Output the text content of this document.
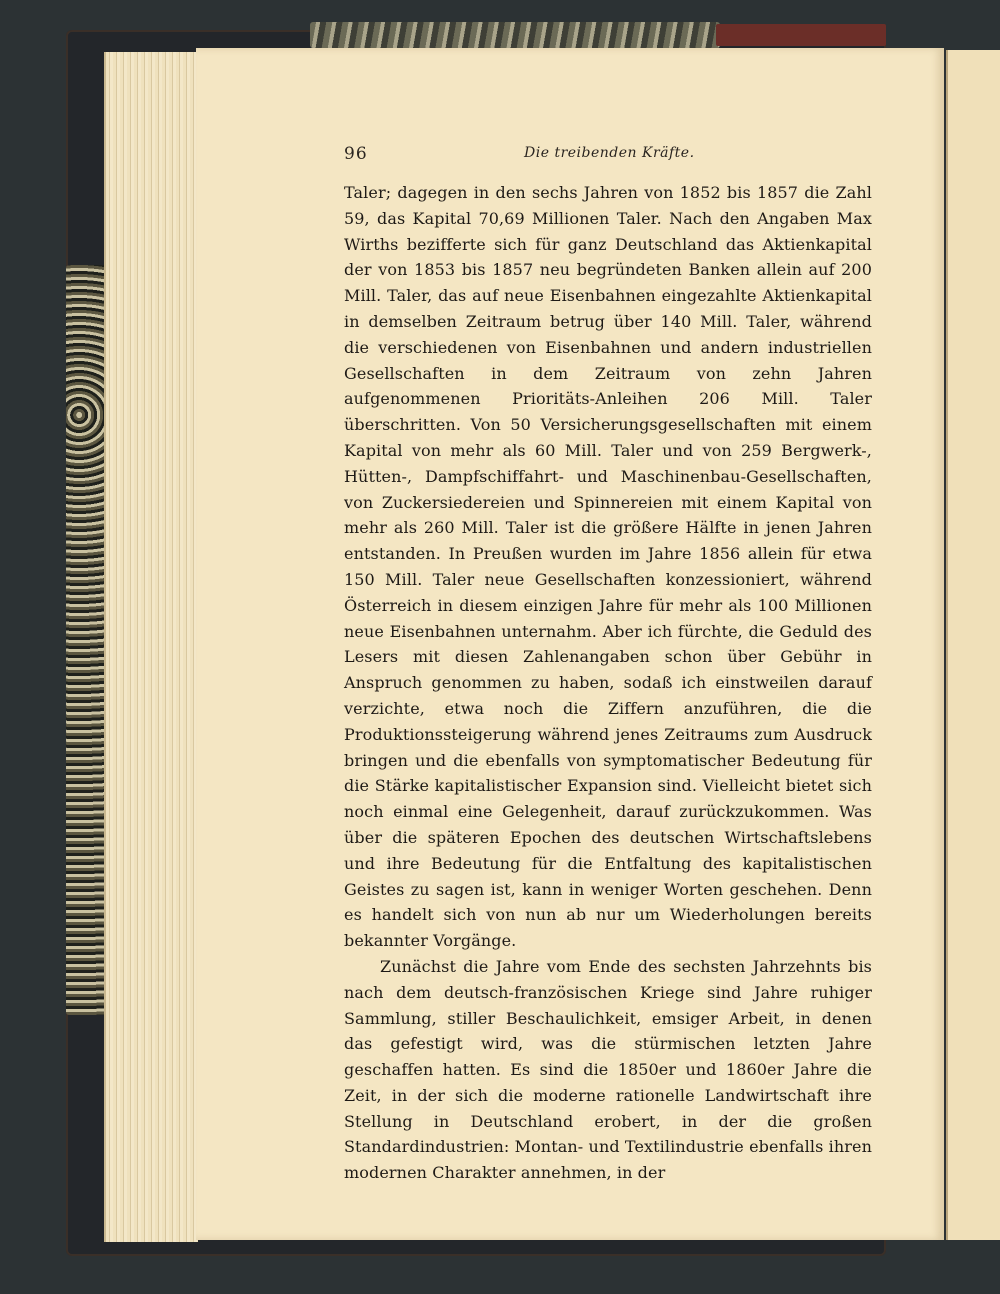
96	Die treibenden Kräfte.

Taler; dagegen in den sechs Jahren von 1852 bis 1857 die Zahl 59, das Kapital 70,69 Millionen Taler. Nach den Angaben Max Wirths bezifferte sich für ganz Deutschland das Aktienkapital der von 1853 bis 1857 neu begründeten Banken allein auf 200 Mill. Taler, das auf neue Eisenbahnen eingezahlte Aktienkapital in demselben Zeitraum betrug über 140 Mill. Taler, während die verschiedenen von Eisenbahnen und andern industriellen Gesellschaften in dem Zeitraum von zehn Jahren aufgenommenen Prioritäts-Anleihen 206 Mill. Taler überschritten. Von 50 Versicherungsgesellschaften mit einem Kapital von mehr als 60 Mill. Taler und von 259 Bergwerk-, Hütten-, Dampfschiffahrt- und Maschinenbau-Gesellschaften, von Zuckersiedereien und Spinnereien mit einem Kapital von mehr als 260 Mill. Taler ist die größere Hälfte in jenen Jahren entstanden. In Preußen wurden im Jahre 1856 allein für etwa 150 Mill. Taler neue Gesellschaften konzessioniert, während Österreich in diesem einzigen Jahre für mehr als 100 Millionen neue Eisenbahnen unternahm. Aber ich fürchte, die Geduld des Lesers mit diesen Zahlenangaben schon über Gebühr in Anspruch genommen zu haben, sodaß ich einstweilen darauf verzichte, etwa noch die Ziffern anzuführen, die die Produktionssteigerung während jenes Zeitraums zum Ausdruck bringen und die ebenfalls von symptomatischer Bedeutung für die Stärke kapitalistischer Expansion sind. Vielleicht bietet sich noch einmal eine Gelegenheit, darauf zurückzukommen. Was über die späteren Epochen des deutschen Wirtschaftslebens und ihre Bedeutung für die Entfaltung des kapitalistischen Geistes zu sagen ist, kann in weniger Worten geschehen. Denn es handelt sich von nun ab nur um Wiederholungen bereits bekannter Vorgänge.

Zunächst die Jahre vom Ende des sechsten Jahrzehnts bis nach dem deutsch-französischen Kriege sind Jahre ruhiger Sammlung, stiller Beschaulichkeit, emsiger Arbeit, in denen das gefestigt wird, was die stürmischen letzten Jahre geschaffen hatten. Es sind die 1850er und 1860er Jahre die Zeit, in der sich die moderne rationelle Landwirtschaft ihre Stellung in Deutschland erobert, in der die großen Standardindustrien: Montan- und Textilindustrie ebenfalls ihren modernen Charakter annehmen, in der
